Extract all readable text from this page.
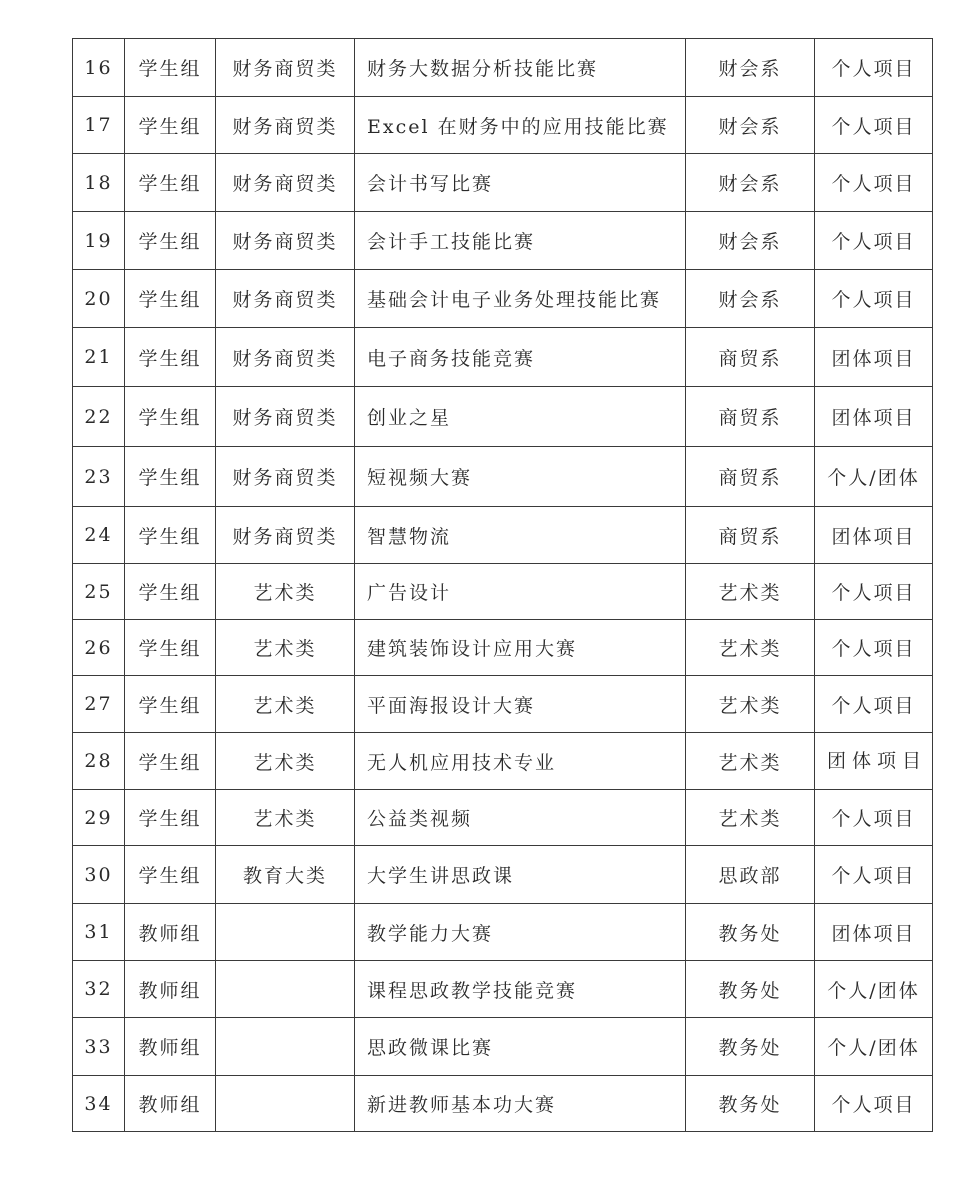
16	学生组	财务商贸类	财务大数据分析技能比赛	财会系	个人项目
17	学生组	财务商贸类	Excel 在财务中的应用技能比赛	财会系	个人项目
18	学生组	财务商贸类	会计书写比赛	财会系	个人项目
19	学生组	财务商贸类	会计手工技能比赛	财会系	个人项目
20	学生组	财务商贸类	基础会计电子业务处理技能比赛	财会系	个人项目
21	学生组	财务商贸类	电子商务技能竞赛	商贸系	团体项目
22	学生组	财务商贸类	创业之星	商贸系	团体项目
23	学生组	财务商贸类	短视频大赛	商贸系	个人/团体
24	学生组	财务商贸类	智慧物流	商贸系	团体项目
25	学生组	艺术类	广告设计	艺术类	个人项目
26	学生组	艺术类	建筑装饰设计应用大赛	艺术类	个人项目
27	学生组	艺术类	平面海报设计大赛	艺术类	个人项目
28	学生组	艺术类	无人机应用技术专业	艺术类	团体项目
29	学生组	艺术类	公益类视频	艺术类	个人项目
30	学生组	教育大类	大学生讲思政课	思政部	个人项目
31	教师组		教学能力大赛	教务处	团体项目
32	教师组		课程思政教学技能竞赛	教务处	个人/团体
33	教师组		思政微课比赛	教务处	个人/团体
34	教师组		新进教师基本功大赛	教务处	个人项目
